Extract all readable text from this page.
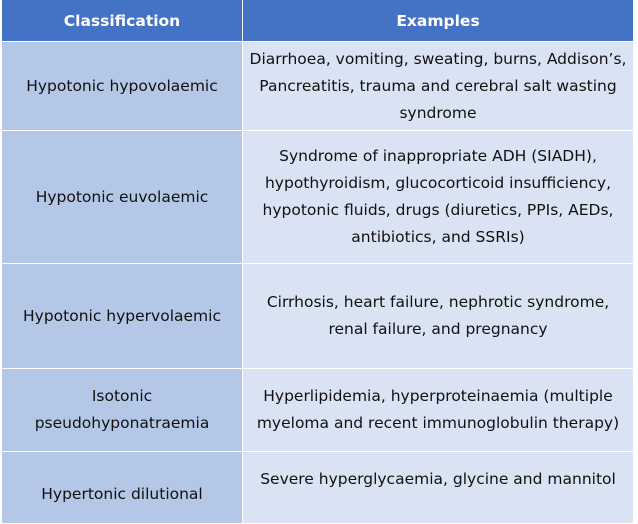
Classification	Examples
Hypotonic hypovolaemic	Diarrhoea, vomiting, sweating, burns, Addison’s, Pancreatitis, trauma and cerebral salt wasting syndrome
Hypotonic euvolaemic	Syndrome of inappropriate ADH (SIADH), hypothyroidism, glucocorticoid insufficiency, hypotonic fluids, drugs (diuretics, PPIs, AEDs, antibiotics, and SSRIs)
Hypotonic hypervolaemic	Cirrhosis, heart failure, nephrotic syndrome, renal failure, and pregnancy
Isotonic pseudohyponatraemia	Hyperlipidemia, hyperproteinaemia (multiple myeloma and recent immunoglobulin therapy)
Hypertonic dilutional	Severe hyperglycaemia, glycine and mannitol
